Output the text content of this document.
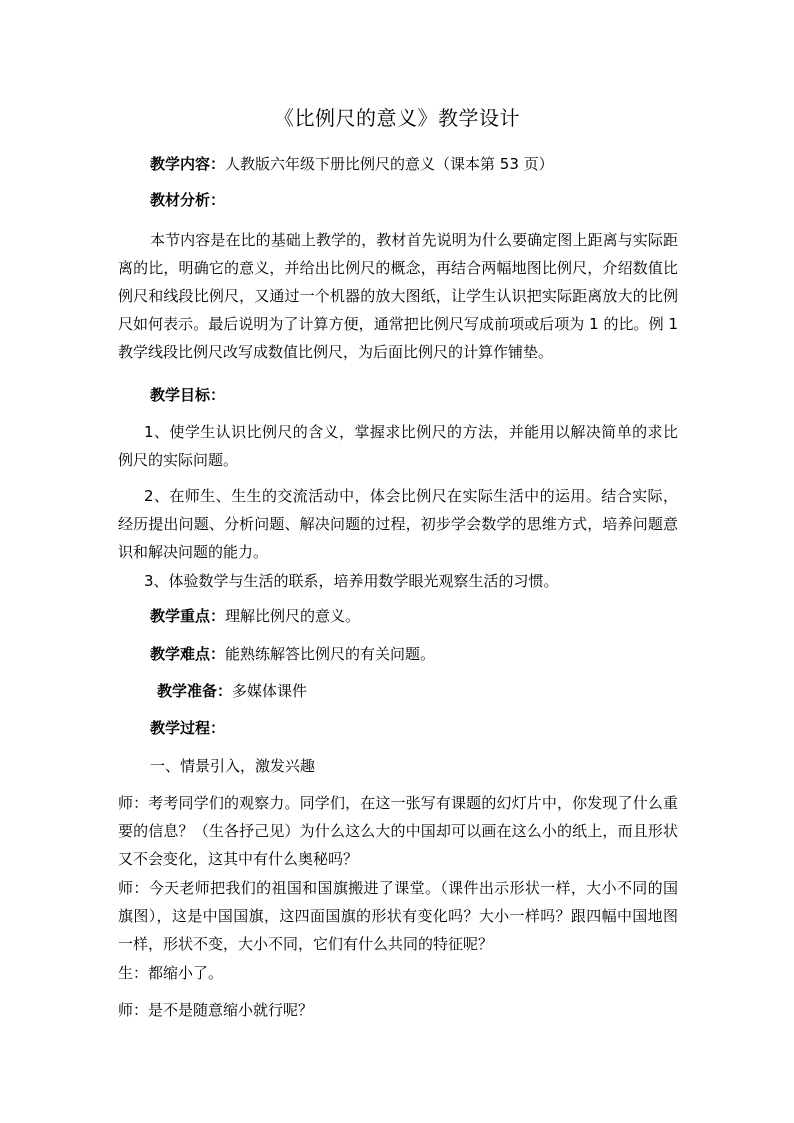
《比例尺的意义》教学设计

教学内容：人教版六年级下册比例尺的意义（课本第 53 页）

教材分析：

本节内容是在比的基础上教学的，教材首先说明为什么要确定图上距离与实际距离的比，明确它的意义，并给出比例尺的概念，再结合两幅地图比例尺，介绍数值比例尺和线段比例尺，又通过一个机器的放大图纸，让学生认识把实际距离放大的比例尺如何表示。最后说明为了计算方便，通常把比例尺写成前项或后项为 1 的比。例 1 教学线段比例尺改写成数值比例尺，为后面比例尺的计算作铺垫。

教学目标：

1、使学生认识比例尺的含义，掌握求比例尺的方法，并能用以解决简单的求比例尺的实际问题。

2、在师生、生生的交流活动中，体会比例尺在实际生活中的运用。结合实际，经历提出问题、分析问题、解决问题的过程，初步学会数学的思维方式，培养问题意识和解决问题的能力。

3、体验数学与生活的联系，培养用数学眼光观察生活的习惯。

教学重点：理解比例尺的意义。

教学难点：能熟练解答比例尺的有关问题。

教学准备：多媒体课件

教学过程：

一、情景引入，激发兴趣

师：考考同学们的观察力。同学们，在这一张写有课题的幻灯片中，你发现了什么重要的信息？（生各抒己见）为什么这么大的中国却可以画在这么小的纸上，而且形状又不会变化，这其中有什么奥秘吗？

师：今天老师把我们的祖国和国旗搬进了课堂。（课件出示形状一样，大小不同的国旗图），这是中国国旗，这四面国旗的形状有变化吗？大小一样吗？跟四幅中国地图一样，形状不变，大小不同，它们有什么共同的特征呢？

生：都缩小了。

师：是不是随意缩小就行呢？
